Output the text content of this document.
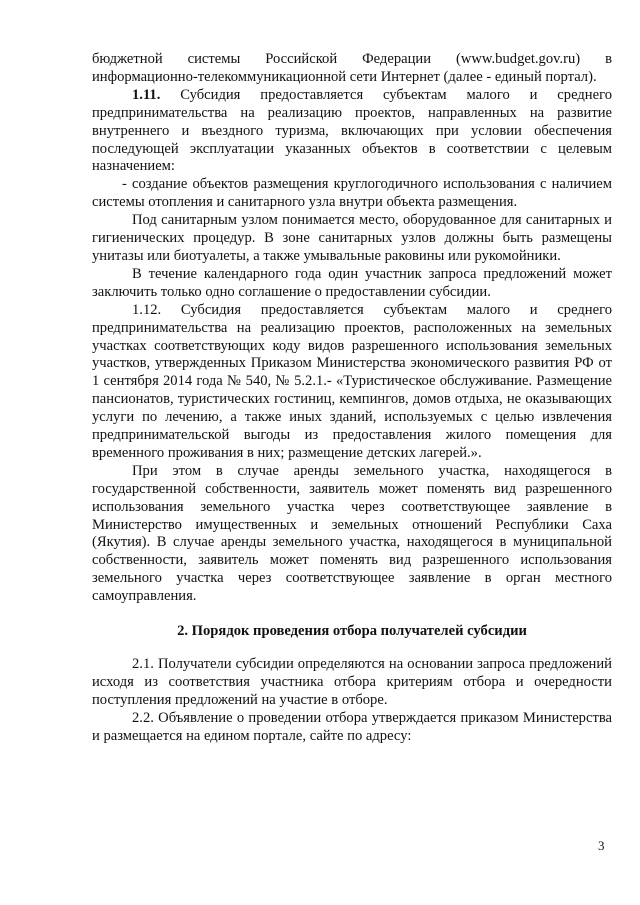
бюджетной системы Российской Федерации (www.budget.gov.ru) в информационно-телекоммуникационной сети Интернет (далее - единый портал).

1.11. Субсидия предоставляется субъектам малого и среднего предпринимательства на реализацию проектов, направленных на развитие внутреннего и въездного туризма, включающих при условии обеспечения последующей эксплуатации указанных объектов в соответствии с целевым назначением:

- создание объектов размещения круглогодичного использования с наличием системы отопления и санитарного узла внутри объекта размещения.

Под санитарным узлом понимается место, оборудованное для санитарных и гигиенических процедур. В зоне санитарных узлов должны быть размещены унитазы или биотуалеты, а также умывальные раковины или рукомойники.

В течение календарного года один участник запроса предложений может заключить только одно соглашение о предоставлении субсидии.

1.12. Субсидия предоставляется субъектам малого и среднего предпринимательства на реализацию проектов, расположенных на земельных участках соответствующих коду видов разрешенного использования земельных участков, утвержденных Приказом Министерства экономического развития РФ от 1 сентября 2014 года № 540, № 5.2.1.- «Туристическое обслуживание. Размещение пансионатов, туристических гостиниц, кемпингов, домов отдыха, не оказывающих услуги по лечению, а также иных зданий, используемых с целью извлечения предпринимательской выгоды из предоставления жилого помещения для временного проживания в них; размещение детских лагерей.».

При этом в случае аренды земельного участка, находящегося в государственной собственности, заявитель может поменять вид разрешенного использования земельного участка через соответствующее заявление в Министерство имущественных и земельных отношений Республики Саха (Якутия). В случае аренды земельного участка, находящегося в муниципальной собственности, заявитель может поменять вид разрешенного использования земельного участка через соответствующее заявление в орган местного самоуправления.

2. Порядок проведения отбора получателей субсидии

2.1. Получатели субсидии определяются на основании запроса предложений исходя из соответствия участника отбора критериям отбора и очередности поступления предложений на участие в отборе.

2.2. Объявление о проведении отбора утверждается приказом Министерства и размещается на едином портале, сайте по адресу:

3
